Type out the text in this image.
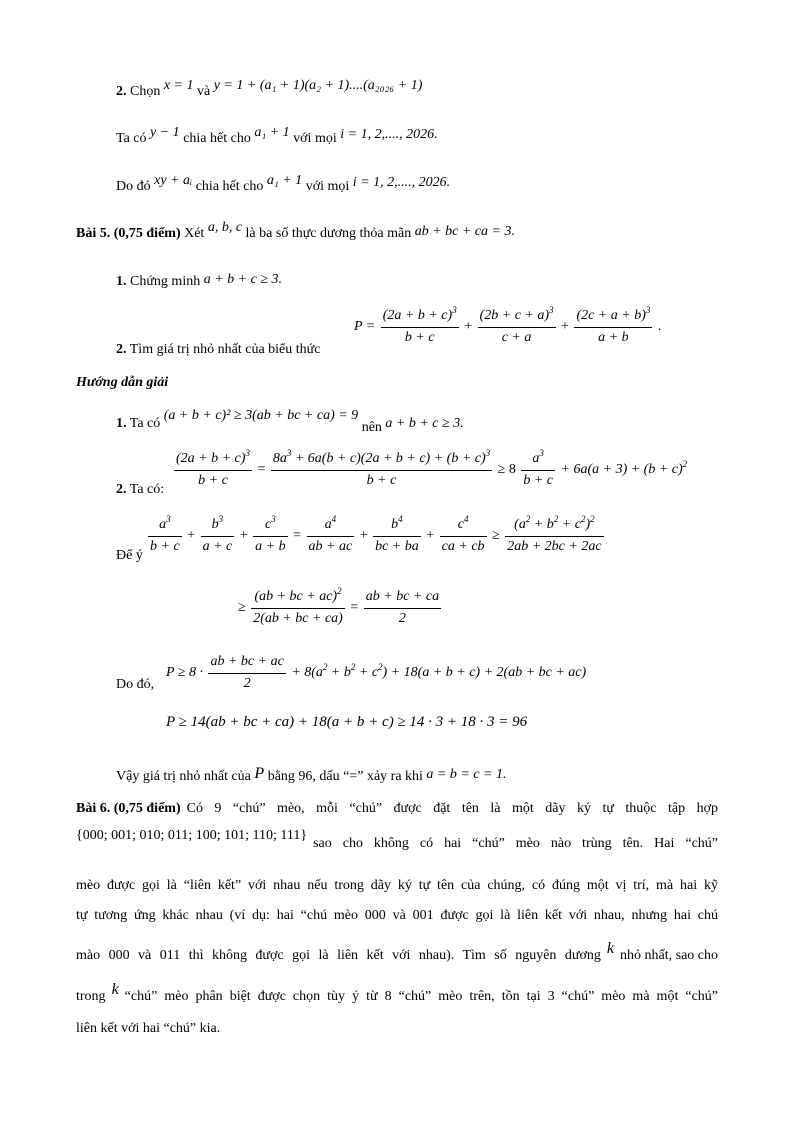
2. Chọn x = 1 và y = 1 + (a₁ + 1)(a₂ + 1)....(a₂₀₂₆ + 1)
Ta có y − 1 chia hết cho a₁ + 1 với mọi i = 1, 2,...., 2026.
Do đó xy + aᵢ chia hết cho a₁ + 1 với mọi i = 1, 2,...., 2026.
Bài 5. (0,75 điểm) Xét a, b, c là ba số thực dương thỏa mãn ab + bc + ca = 3.
1. Chứng minh a + b + c ≥ 3.
$P = \frac{(2a + b + c)^3}{b + c} + \frac{(2b + c + a)^3}{c + a} + \frac{(2c + a + b)^3}{a + b}$ .
2. Tìm giá trị nhỏ nhất của biểu thức
Hướng dẫn giải
1. Ta có (a + b + c)² ≥ 3(ab + bc + ca) = 9 nên a + b + c ≥ 3.
$\frac{(2a + b + c)^3}{b + c} = \frac{8a^3 + 6a(b + c)(2a + b + c) + (b + c)^3}{b + c} \ge 8 \frac{a^3}{b + c} + 6a(a + 3) + (b + c)^2$
2. Ta có:
$\frac{a^3}{b + c} + \frac{b^3}{a + c} + \frac{c^3}{a + b} = \frac{a^4}{ab + ac} + \frac{b^4}{bc + ba} + \frac{c^4}{ca + cb} \ge \frac{(a^2 + b^2 + c^2)^2}{2ab + 2bc + 2ac}$
Để ý
≥ $\frac{(ab + bc + ac)^2}{2(ab + bc + ca)} = \frac{ab + bc + ca}{2}$
$P \ge 8 \cdot \frac{ab + bc + ac}{2} + 8(a^2 + b^2 + c^2) + 18(a + b + c) + 2(ab$ + bc + ac)
Do đó,
P ≥ 14(ab + bc + ca) + 18(a + b + c) ≥ 14 · 3 + 18 · 3 = 96
Vậy giá trị nhỏ nhất của P bằng 96, dấu “=” xảy ra khi a = b = c = 1.
Bài 6. (0,75 điểm) Có 9 “chú” mèo, mỗi “chú” được đặt tên là một dãy ký tự thuộc tập hợp
{000; 001; 010; 011; 100; 101; 110; 111}
sao cho không có hai “chú” mèo nào trùng tên. Hai “chú”
mèo được gọi là “liên kết” với nhau nếu trong dãy ký tự tên của chúng, có đúng một vị trí, mà hai kỹ
tự tương ứng khác nhau (ví dụ: hai “chú mèo 000 và 001 được gọi là liên kết với nhau, nhưng hai chú
mào 000 và 011 thì không được gọi là liên kết với nhau). Tìm số nguyên dương k nhỏ nhất, sao cho
trong k “chú” mèo phân biệt được chọn tùy ý từ 8 “chú” mèo trên, tồn tại 3 “chú” mèo mà một “chú”
liên kết với hai “chú” kia.
